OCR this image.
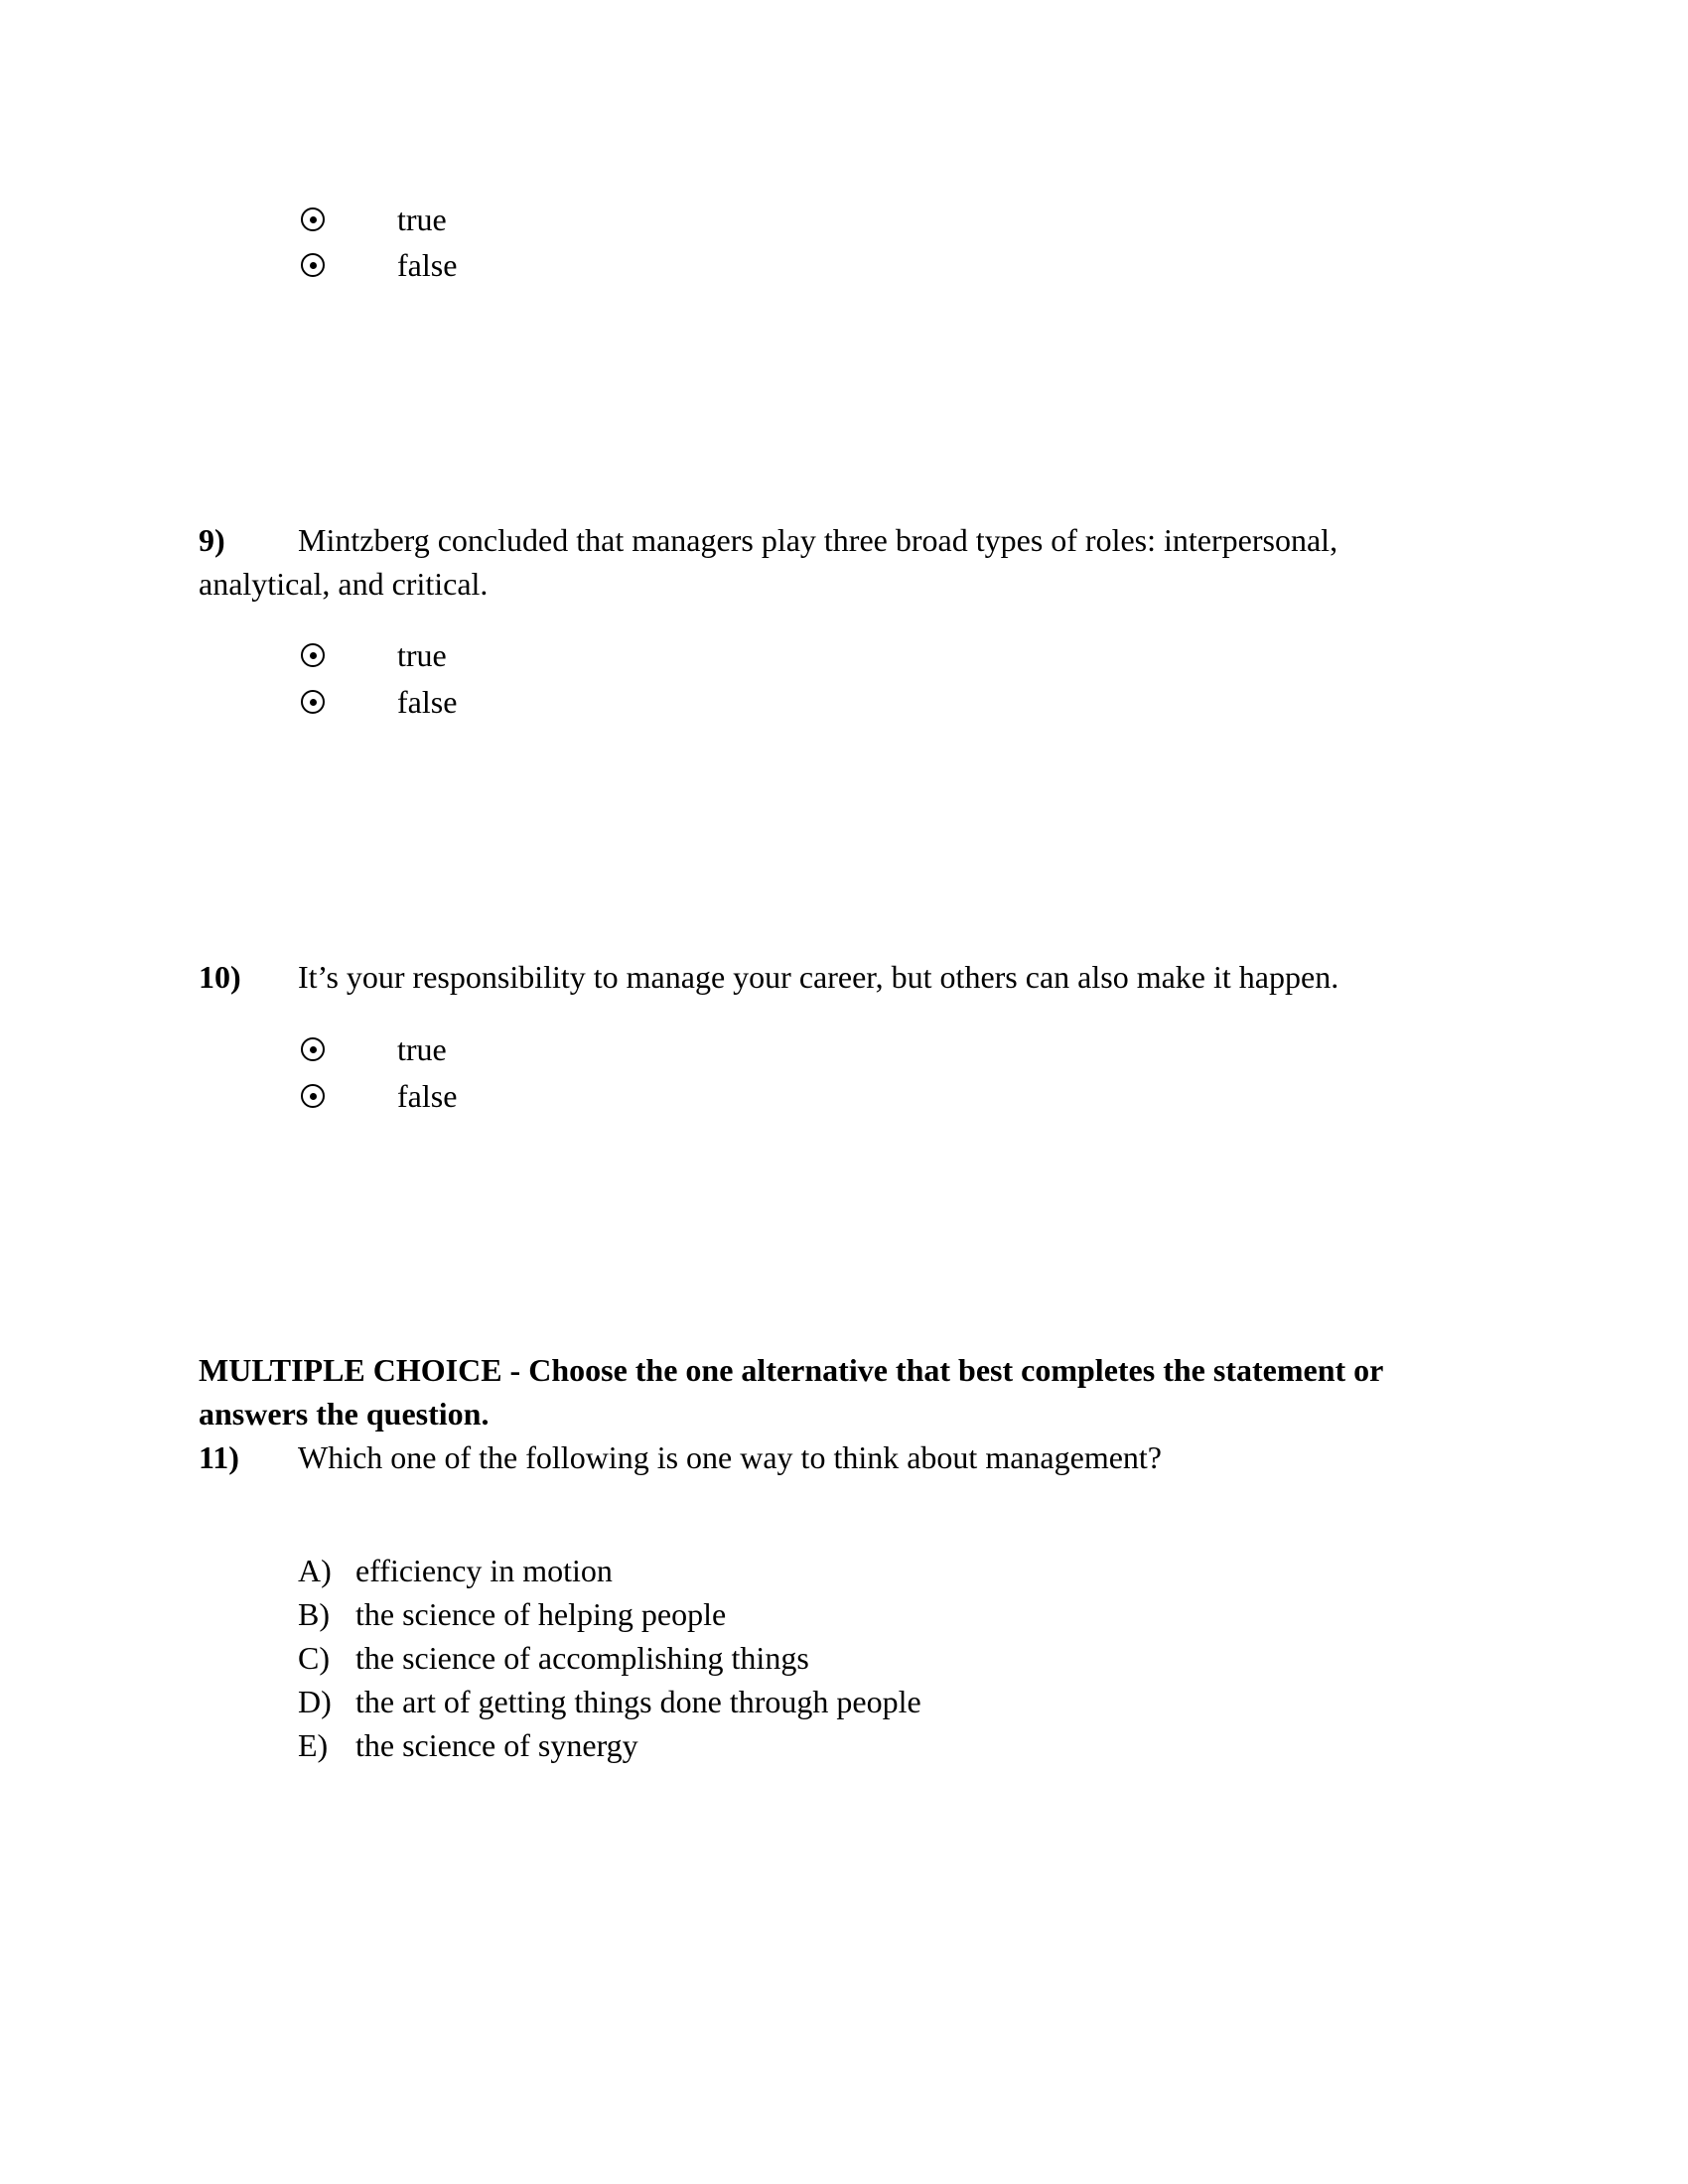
true
false
9) Mintzberg concluded that managers play three broad types of roles: interpersonal,
analytical, and critical.
true
false
10) It’s your responsibility to manage your career, but others can also make it happen.
true
false
MULTIPLE CHOICE - Choose the one alternative that best completes the statement or
answers the question.
11) Which one of the following is one way to think about management?
A) efficiency in motion
B) the science of helping people
C) the science of accomplishing things
D) the art of getting things done through people
E) the science of synergy
